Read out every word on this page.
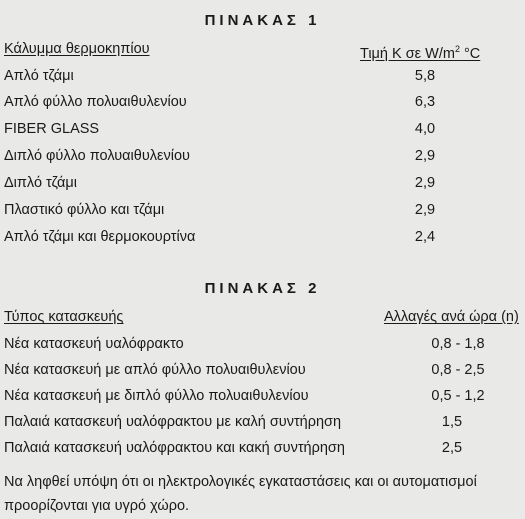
ΠΙΝΑΚΑΣ 1
Κάλυμμα θερμοκηπίου	Τιμή K σε $W/m^2$ °C
Απλό τζάμι	5,8
Απλό φύλλο πολυαιθυλενίου	6,3
FIBER GLASS	4,0
Διπλό φύλλο πολυαιθυλενίου	2,9
Διπλό τζάμι	2,9
Πλαστικό φύλλο και τζάμι	2,9
Απλό τζάμι και θερμοκουρτίνα	2,4
ΠΙΝΑΚΑΣ 2
Τύπος κατασκευής	Αλλαγές ανά ώρα (n)
Νέα κατασκευή υαλόφρακτο	0,8 - 1,8
Νέα κατασκευή με απλό φύλλο πολυαιθυλενίου	0,8 - 2,5
Νέα κατασκευή με διπλό φύλλο πολυαιθυλενίου	0,5 - 1,2
Παλαιά κατασκευή υαλόφρακτου με καλή συντήρηση	1,5
Παλαιά κατασκευή υαλόφρακτου και κακή συντήρηση	2,5
Να ληφθεί υπόψη ότι οι ηλεκτρολογικές εγκαταστάσεις και οι αυτοματισμοί προορίζονται για υγρό χώρο.
